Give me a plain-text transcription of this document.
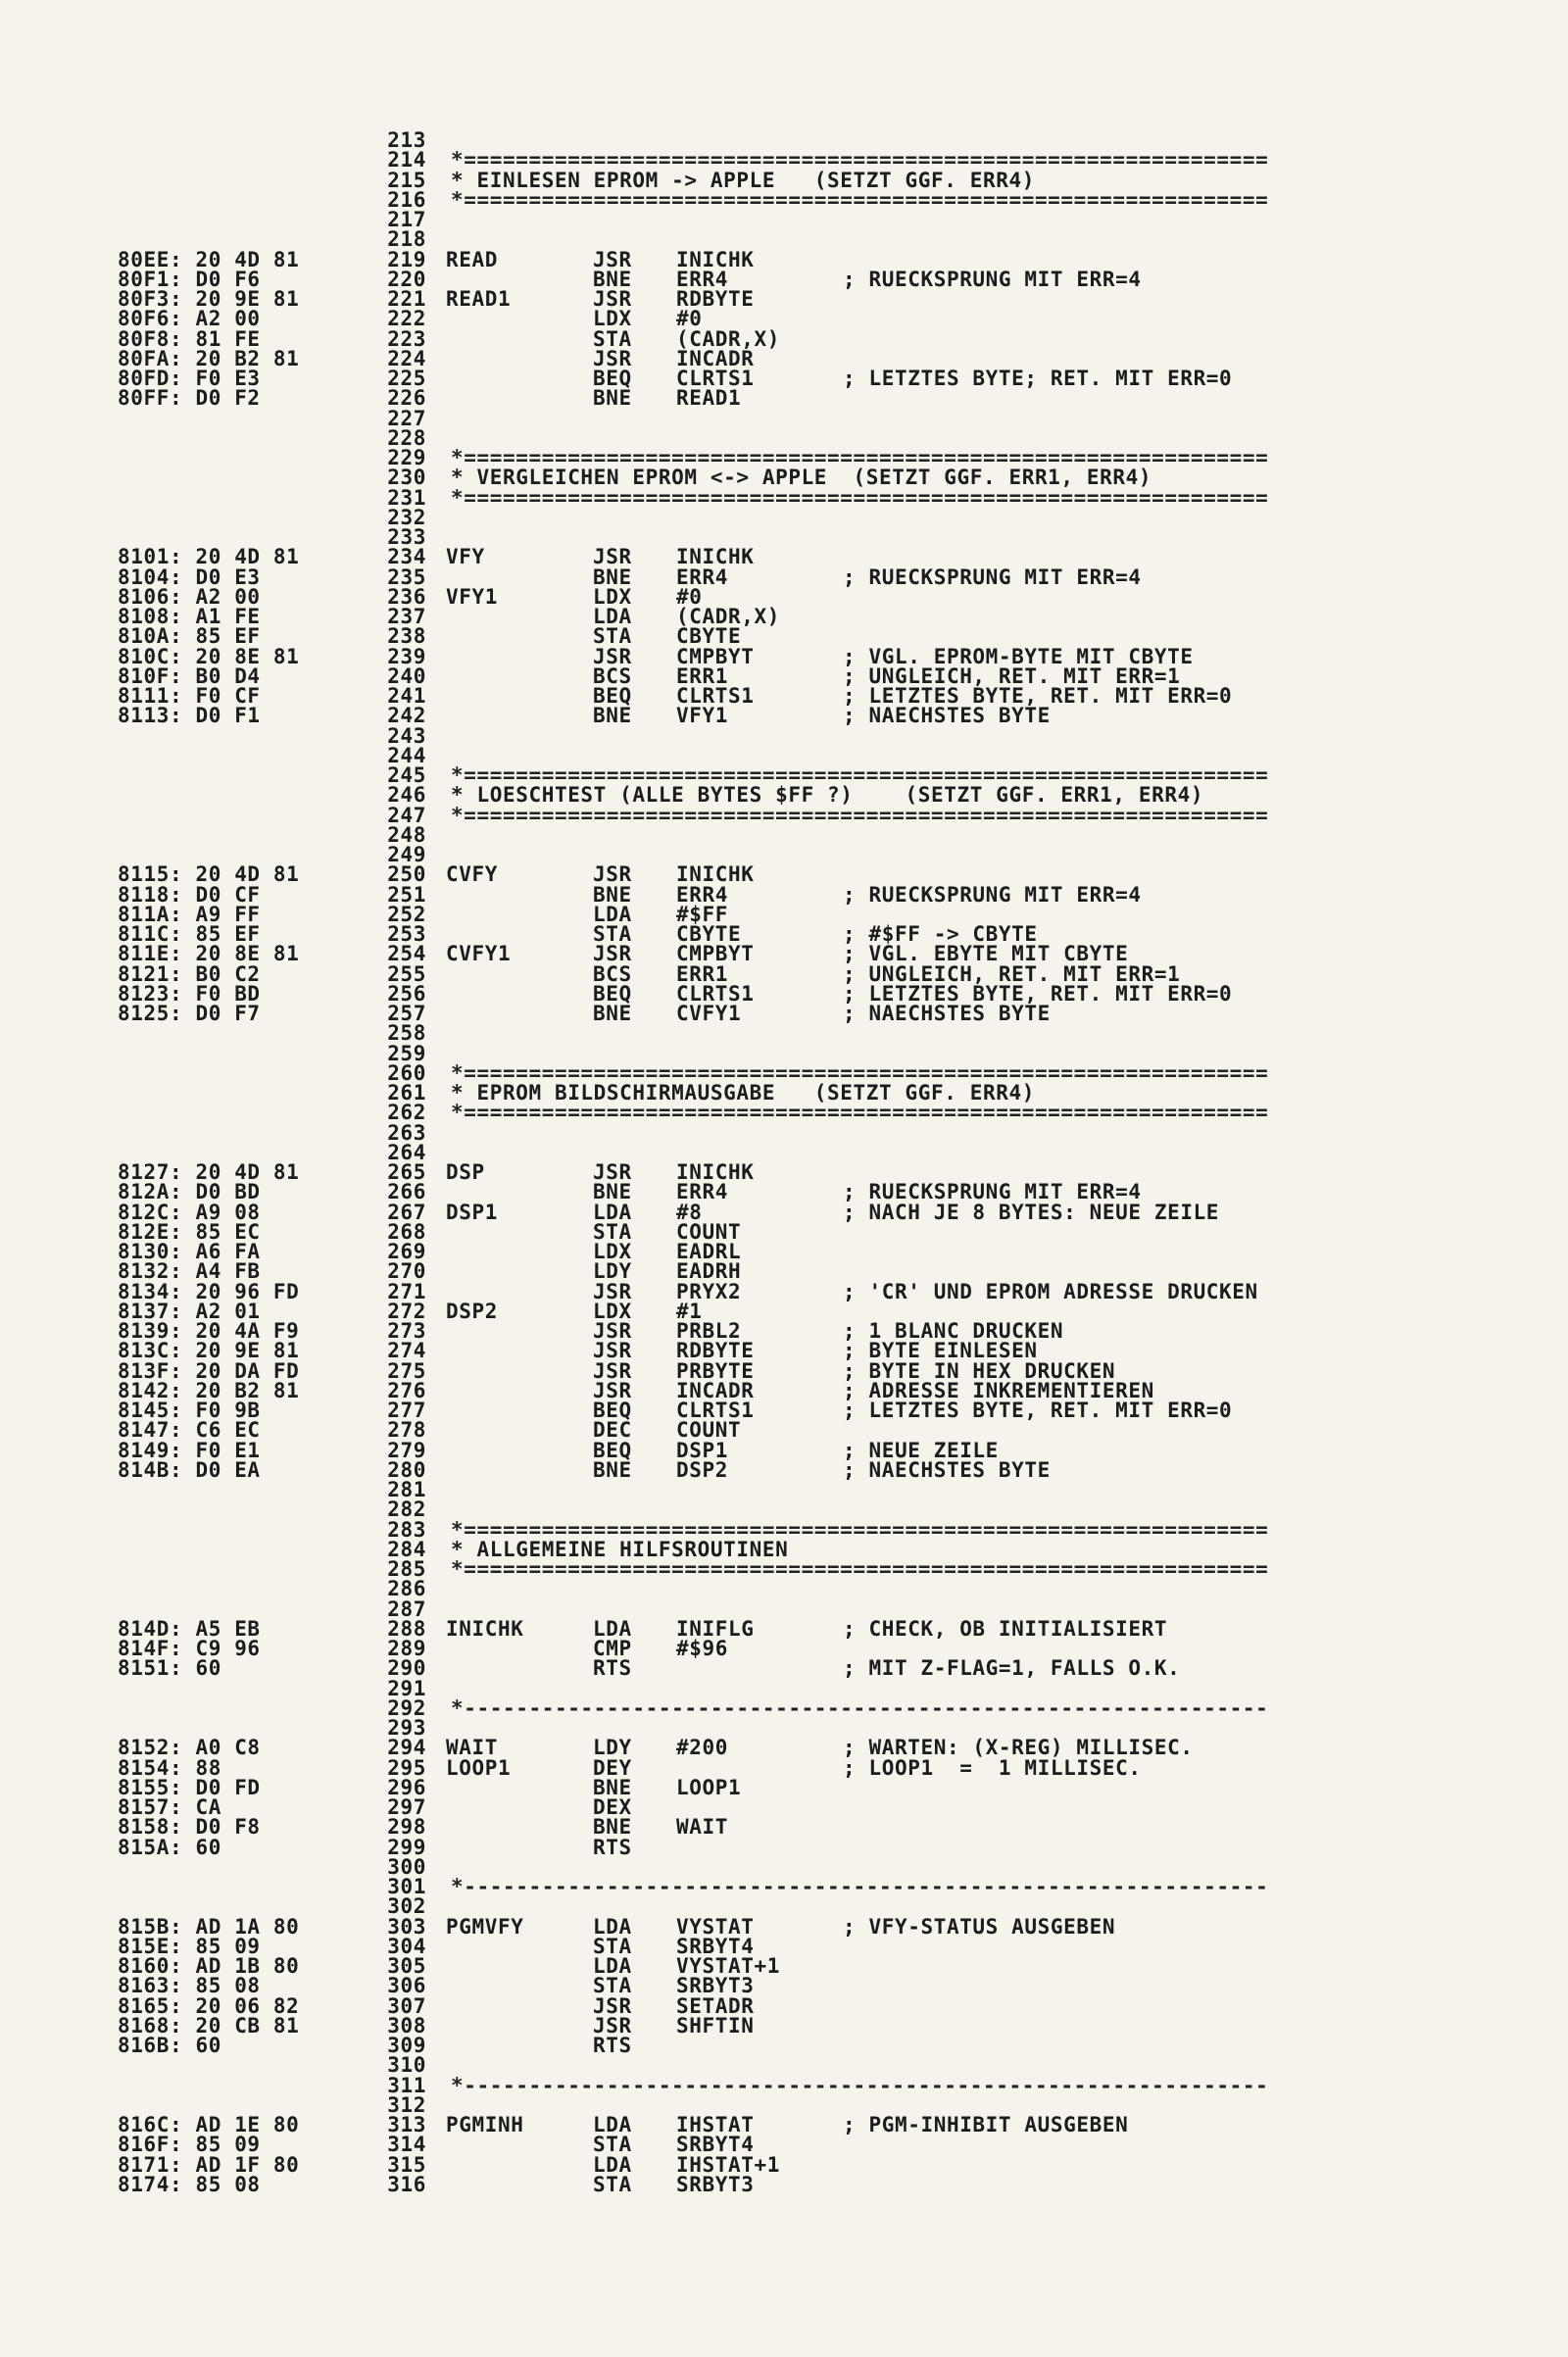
213
214 *==============================================================
215 * EINLESEN EPROM -> APPLE   (SETZT GGF. ERR4)
216 *==============================================================
217
218
80EE: 20 4D 81	219 READ	JSR INICHK
80F1: D0 F6	220	BNE ERR4	; RUECKSPRUNG MIT ERR=4
80F3: 20 9E 81	221 READ1	JSR RDBYTE
80F6: A2 00	222	LDX #0
80F8: 81 FE	223	STA (CADR,X)
80FA: 20 B2 81	224	JSR INCADR
80FD: F0 E3	225	BEQ CLRTS1	; LETZTES BYTE; RET. MIT ERR=0
80FF: D0 F2	226	BNE READ1
227
228
229 *==============================================================
230 * VERGLEICHEN EPROM <-> APPLE  (SETZT GGF. ERR1, ERR4)
231 *==============================================================
232
233
8101: 20 4D 81	234 VFY	JSR INICHK
8104: D0 E3	235	BNE ERR4	; RUECKSPRUNG MIT ERR=4
8106: A2 00	236 VFY1	LDX #0
8108: A1 FE	237	LDA (CADR,X)
810A: 85 EF	238	STA CBYTE
810C: 20 8E 81	239	JSR CMPBYT	; VGL. EPROM-BYTE MIT CBYTE
810F: B0 D4	240	BCS ERR1	; UNGLEICH, RET. MIT ERR=1
8111: F0 CF	241	BEQ CLRTS1	; LETZTES BYTE, RET. MIT ERR=0
8113: D0 F1	242	BNE VFY1	; NAECHSTES BYTE
243
244
245 *==============================================================
246 * LOESCHTEST (ALLE BYTES $FF ?)    (SETZT GGF. ERR1, ERR4)
247 *==============================================================
248
249
8115: 20 4D 81	250 CVFY	JSR INICHK
8118: D0 CF	251	BNE ERR4	; RUECKSPRUNG MIT ERR=4
811A: A9 FF	252	LDA #$FF
811C: 85 EF	253	STA CBYTE	; #$FF -> CBYTE
811E: 20 8E 81	254 CVFY1	JSR CMPBYT	; VGL. EBYTE MIT CBYTE
8121: B0 C2	255	BCS ERR1	; UNGLEICH, RET. MIT ERR=1
8123: F0 BD	256	BEQ CLRTS1	; LETZTES BYTE, RET. MIT ERR=0
8125: D0 F7	257	BNE CVFY1	; NAECHSTES BYTE
258
259
260 *==============================================================
261 * EPROM BILDSCHIRMAUSGABE   (SETZT GGF. ERR4)
262 *==============================================================
263
264
8127: 20 4D 81	265 DSP	JSR INICHK
812A: D0 BD	266	BNE ERR4	; RUECKSPRUNG MIT ERR=4
812C: A9 08	267 DSP1	LDA #8	; NACH JE 8 BYTES: NEUE ZEILE
812E: 85 EC	268	STA COUNT
8130: A6 FA	269	LDX EADRL
8132: A4 FB	270	LDY EADRH
8134: 20 96 FD	271	JSR PRYX2	; 'CR' UND EPROM ADRESSE DRUCKEN
8137: A2 01	272 DSP2	LDX #1
8139: 20 4A F9	273	JSR PRBL2	; 1 BLANC DRUCKEN
813C: 20 9E 81	274	JSR RDBYTE	; BYTE EINLESEN
813F: 20 DA FD	275	JSR PRBYTE	; BYTE IN HEX DRUCKEN
8142: 20 B2 81	276	JSR INCADR	; ADRESSE INKREMENTIEREN
8145: F0 9B	277	BEQ CLRTS1	; LETZTES BYTE, RET. MIT ERR=0
8147: C6 EC	278	DEC COUNT
8149: F0 E1	279	BEQ DSP1	; NEUE ZEILE
814B: D0 EA	280	BNE DSP2	; NAECHSTES BYTE
281
282
283 *==============================================================
284 * ALLGEMEINE HILFSROUTINEN
285 *==============================================================
286
287
814D: A5 EB	288 INICHK	LDA INIFLG	; CHECK, OB INITIALISIERT
814F: C9 96	289	CMP #$96
8151: 60	290	RTS	; MIT Z-FLAG=1, FALLS O.K.
291
292 *--------------------------------------------------------------
293
8152: A0 C8	294 WAIT	LDY #200	; WARTEN: (X-REG) MILLISEC.
8154: 88	295 LOOP1	DEY	; LOOP1  =  1 MILLISEC.
8155: D0 FD	296	BNE LOOP1
8157: CA	297	DEX
8158: D0 F8	298	BNE WAIT
815A: 60	299	RTS
300
301 *--------------------------------------------------------------
302
815B: AD 1A 80	303 PGMVFY	LDA VYSTAT	; VFY-STATUS AUSGEBEN
815E: 85 09	304	STA SRBYT4
8160: AD 1B 80	305	LDA VYSTAT+1
8163: 85 08	306	STA SRBYT3
8165: 20 06 82	307	JSR SETADR
8168: 20 CB 81	308	JSR SHFTIN
816B: 60	309	RTS
310
311 *--------------------------------------------------------------
312
816C: AD 1E 80	313 PGMINH	LDA IHSTAT	; PGM-INHIBIT AUSGEBEN
816F: 85 09	314	STA SRBYT4
8171: AD 1F 80	315	LDA IHSTAT+1
8174: 85 08	316	STA SRBYT3
